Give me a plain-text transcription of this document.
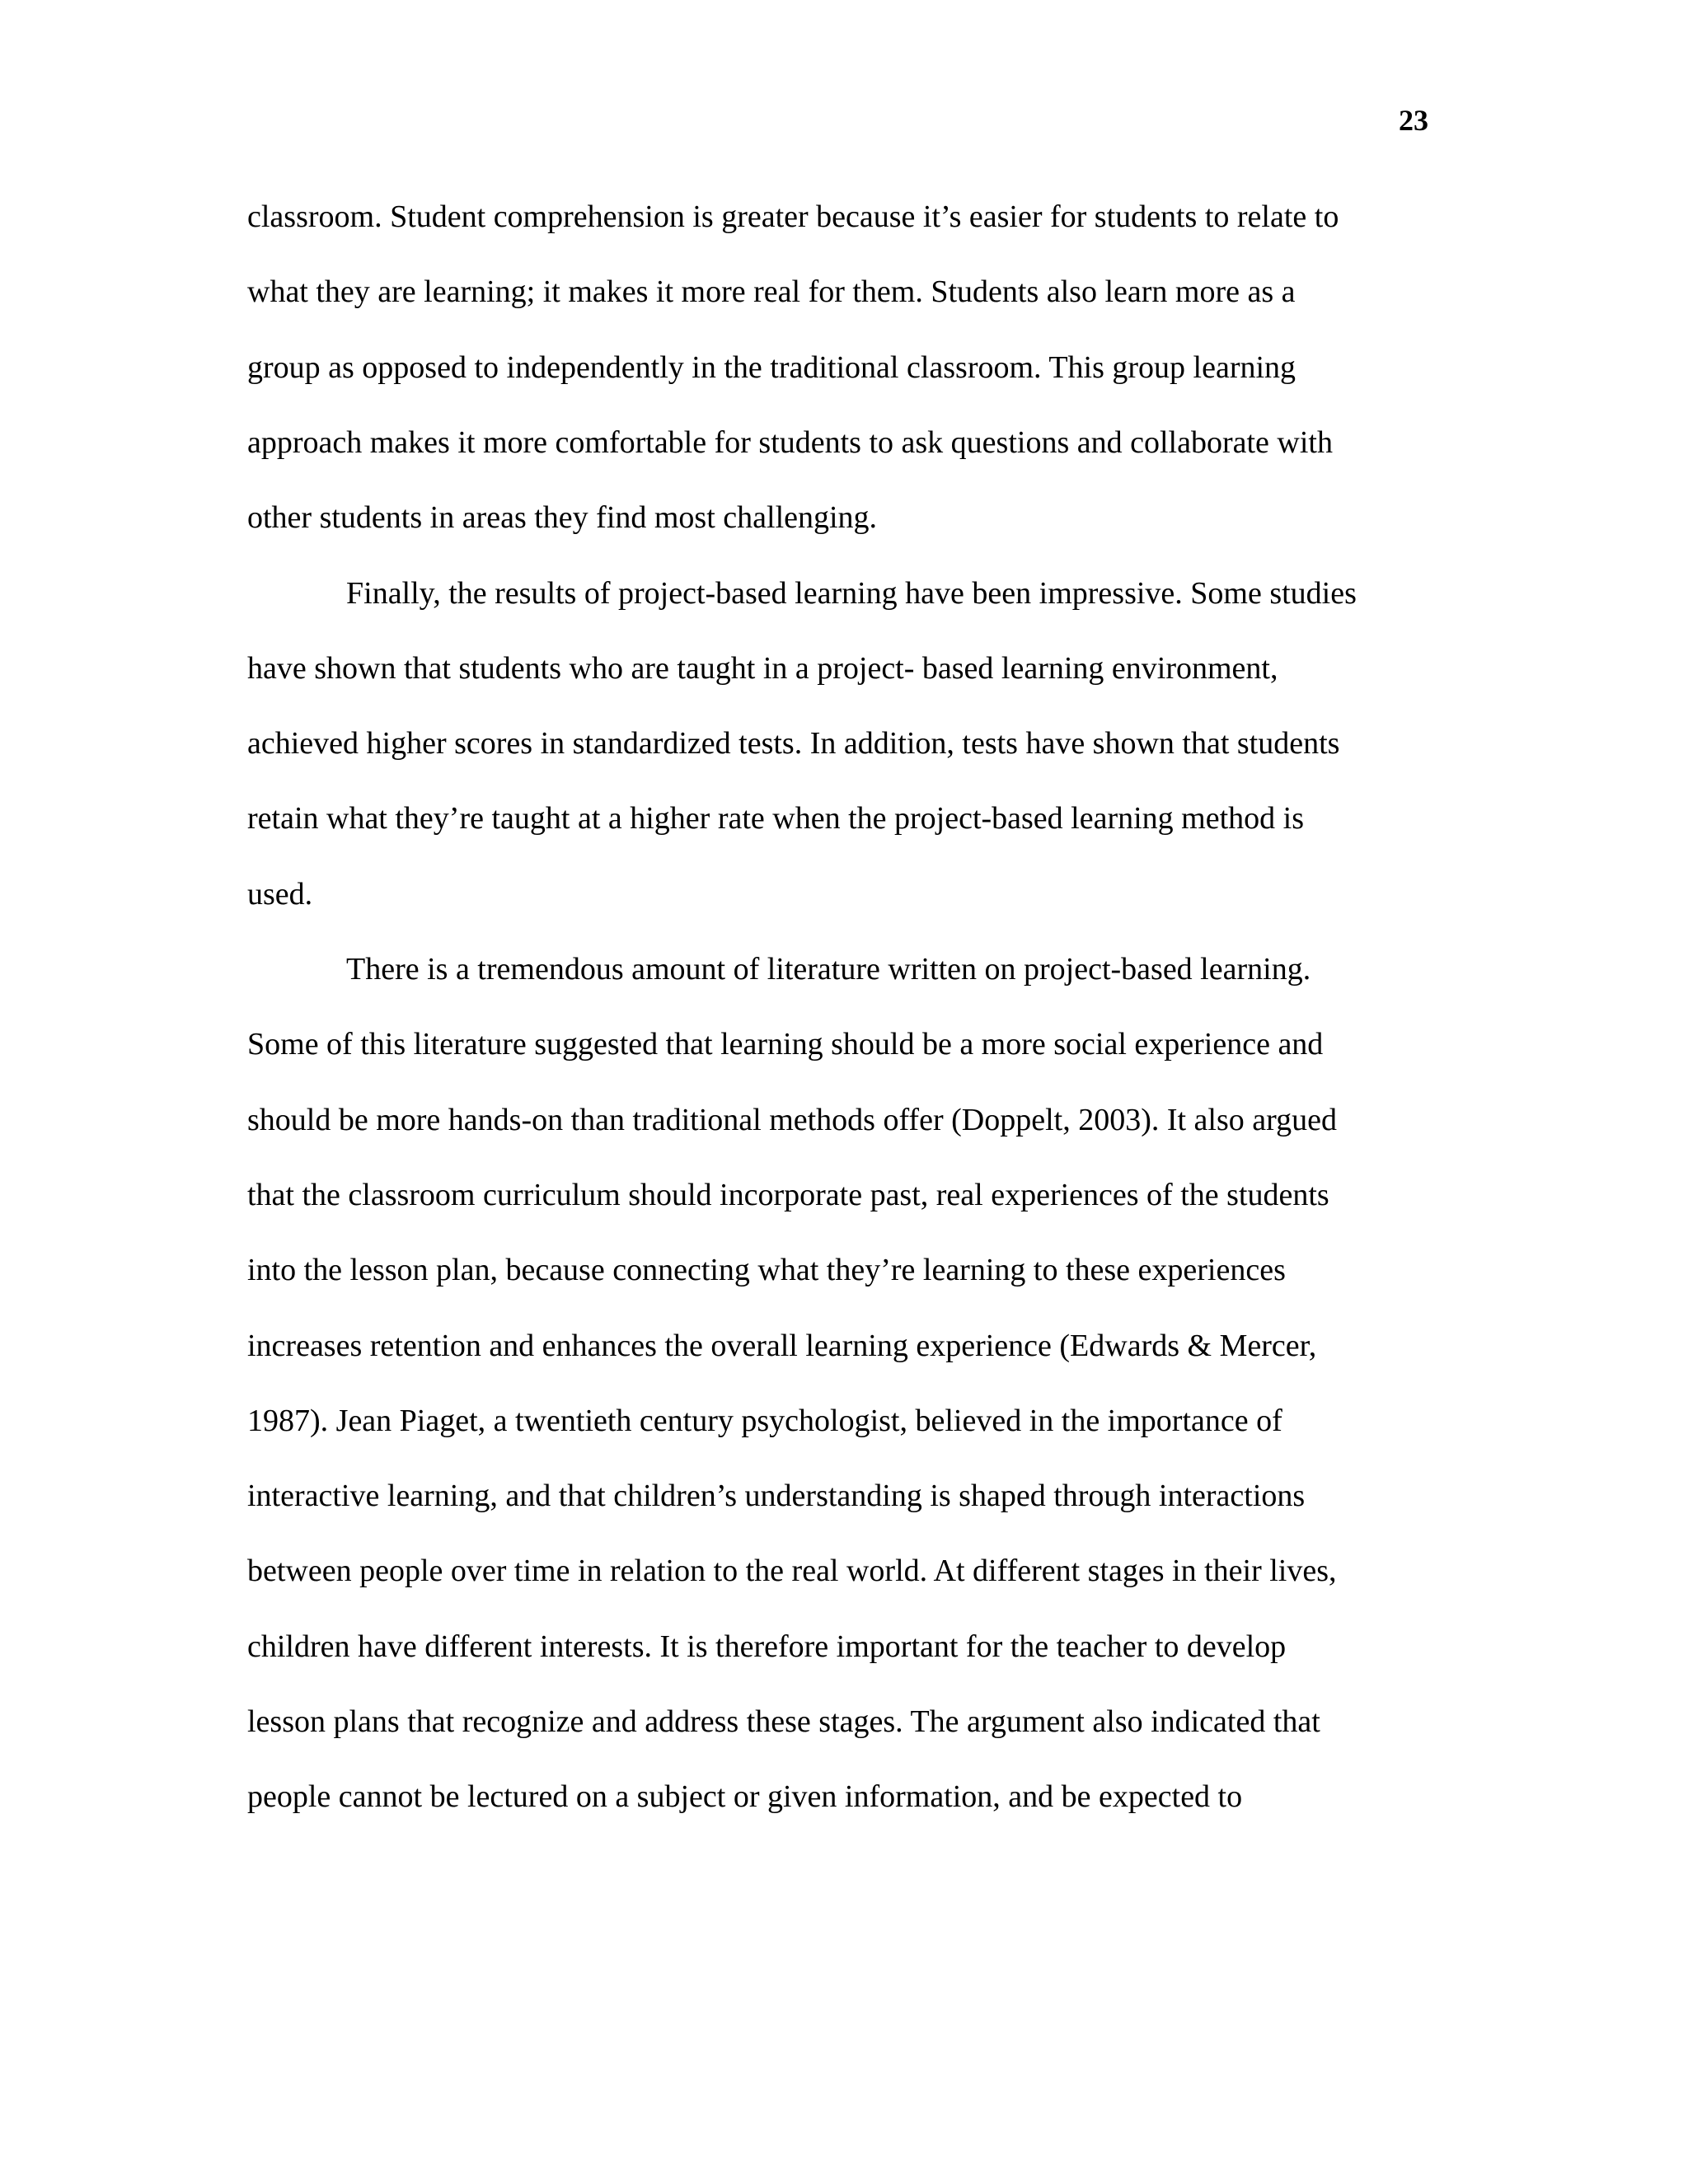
23
classroom. Student comprehension is greater because it’s easier for students to relate to
what they are learning; it makes it more real for them. Students also learn more as a
group as opposed to independently in the traditional classroom. This group learning
approach makes it more comfortable for students to ask questions and collaborate with
other students in areas they find most challenging.
Finally, the results of project-based learning have been impressive. Some studies
have shown that students who are taught in a project- based learning environment,
achieved higher scores in standardized tests. In addition, tests have shown that students
retain what they’re taught at a higher rate when the project-based learning method is
used.
There is a tremendous amount of literature written on project-based learning.
Some of this literature suggested that learning should be a more social experience and
should be more hands-on than traditional methods offer (Doppelt, 2003). It also argued
that the classroom curriculum should incorporate past, real experiences of the students
into the lesson plan, because connecting what they’re learning to these experiences
increases retention and enhances the overall learning experience (Edwards & Mercer,
1987). Jean Piaget, a twentieth century psychologist, believed in the importance of
interactive learning, and that children’s understanding is shaped through interactions
between people over time in relation to the real world. At different stages in their lives,
children have different interests. It is therefore important for the teacher to develop
lesson plans that recognize and address these stages. The argument also indicated that
people cannot be lectured on a subject or given information, and be expected to
